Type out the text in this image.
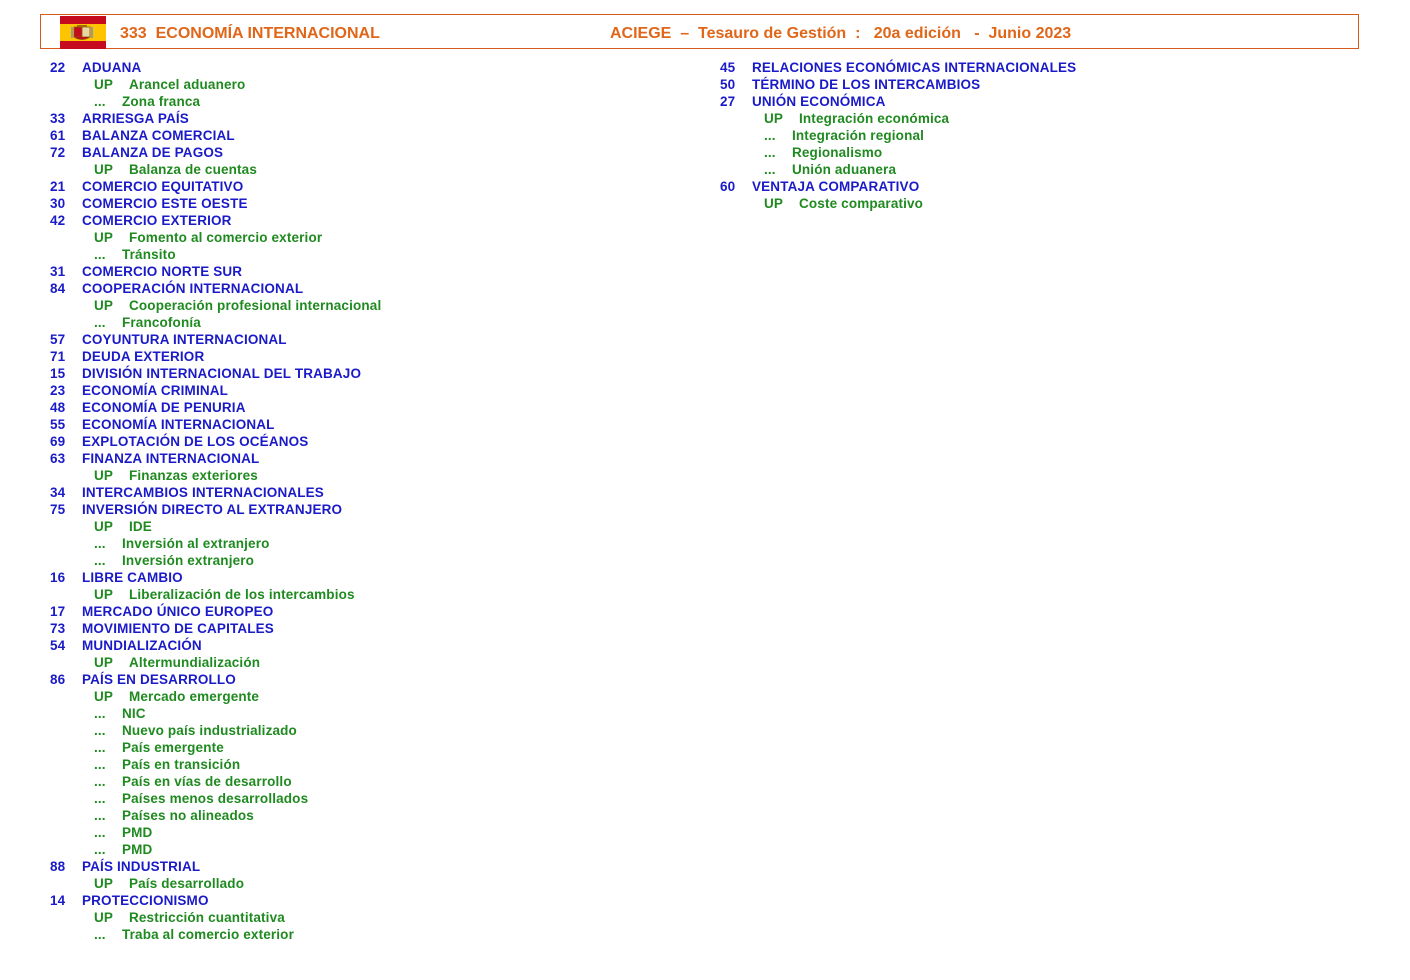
333  ECONOMÍA INTERNACIONAL	ACIEGE  –  Tesauro de Gestión  :   20a edición   -  Junio 2023
22 ADUANA
UP Arancel aduanero
... Zona franca
33 ARRIESGA PAÍS
61 BALANZA COMERCIAL
72 BALANZA DE PAGOS
UP Balanza de cuentas
21 COMERCIO EQUITATIVO
30 COMERCIO ESTE OESTE
42 COMERCIO EXTERIOR
UP Fomento al comercio exterior
... Tránsito
31 COMERCIO NORTE SUR
84 COOPERACIÓN INTERNACIONAL
UP Cooperación profesional internacional
... Francofonía
57 COYUNTURA INTERNACIONAL
71 DEUDA EXTERIOR
15 DIVISIÓN INTERNACIONAL DEL TRABAJO
23 ECONOMÍA CRIMINAL
48 ECONOMÍA DE PENURIA
55 ECONOMÍA INTERNACIONAL
69 EXPLOTACIÓN DE LOS OCÉANOS
63 FINANZA INTERNACIONAL
UP Finanzas exteriores
34 INTERCAMBIOS INTERNACIONALES
75 INVERSIÓN DIRECTO AL EXTRANJERO
UP IDE
... Inversión al extranjero
... Inversión extranjero
16 LIBRE CAMBIO
UP Liberalización de los intercambios
17 MERCADO ÚNICO EUROPEO
73 MOVIMIENTO DE CAPITALES
54 MUNDIALIZACIÓN
UP Altermundialización
86 PAÍS EN DESARROLLO
UP Mercado emergente
... NIC
... Nuevo país industrializado
... País emergente
... País en transición
... País en vías de desarrollo
... Países menos desarrollados
... Países no alineados
... PMD
... PMD
88 PAÍS INDUSTRIAL
UP País desarrollado
14 PROTECCIONISMO
UP Restricción cuantitativa
... Traba al comercio exterior
45 RELACIONES ECONÓMICAS INTERNACIONALES
50 TÉRMINO DE LOS INTERCAMBIOS
27 UNIÓN ECONÓMICA
UP Integración económica
... Integración regional
... Regionalismo
... Unión aduanera
60 VENTAJA COMPARATIVO
UP Coste comparativo
